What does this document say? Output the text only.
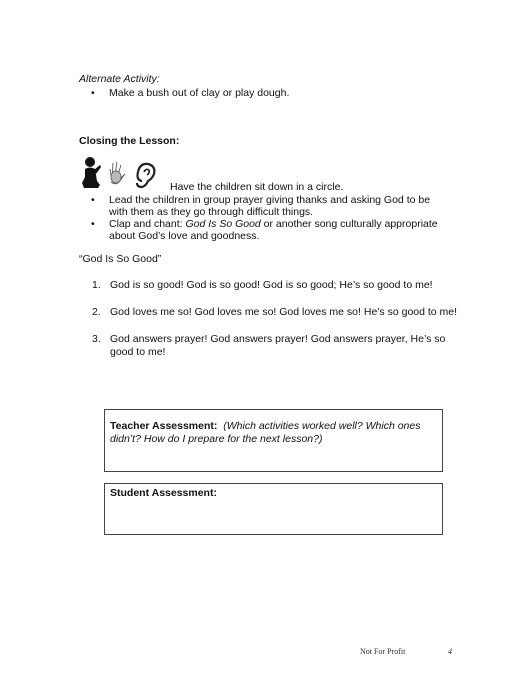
Alternate Activity:
• Make a bush out of clay or play dough.
Closing the Lesson:
Have the children sit down in a circle.
• Lead the children in group prayer giving thanks and asking God to be with them as they go through difficult things.
• Clap and chant: God Is So Good or another song culturally appropriate about God’s love and goodness.
“God Is So Good”
1. God is so good! God is so good! God is so good; He’s so good to me!
2. God loves me so! God loves me so! God loves me so! He’s so good to me!
3. God answers prayer! God answers prayer! God answers prayer, He’s so good to me!
Teacher Assessment: (Which activities worked well? Which ones didn’t? How do I prepare for the next lesson?)
Student Assessment:
Not For Profit	4
